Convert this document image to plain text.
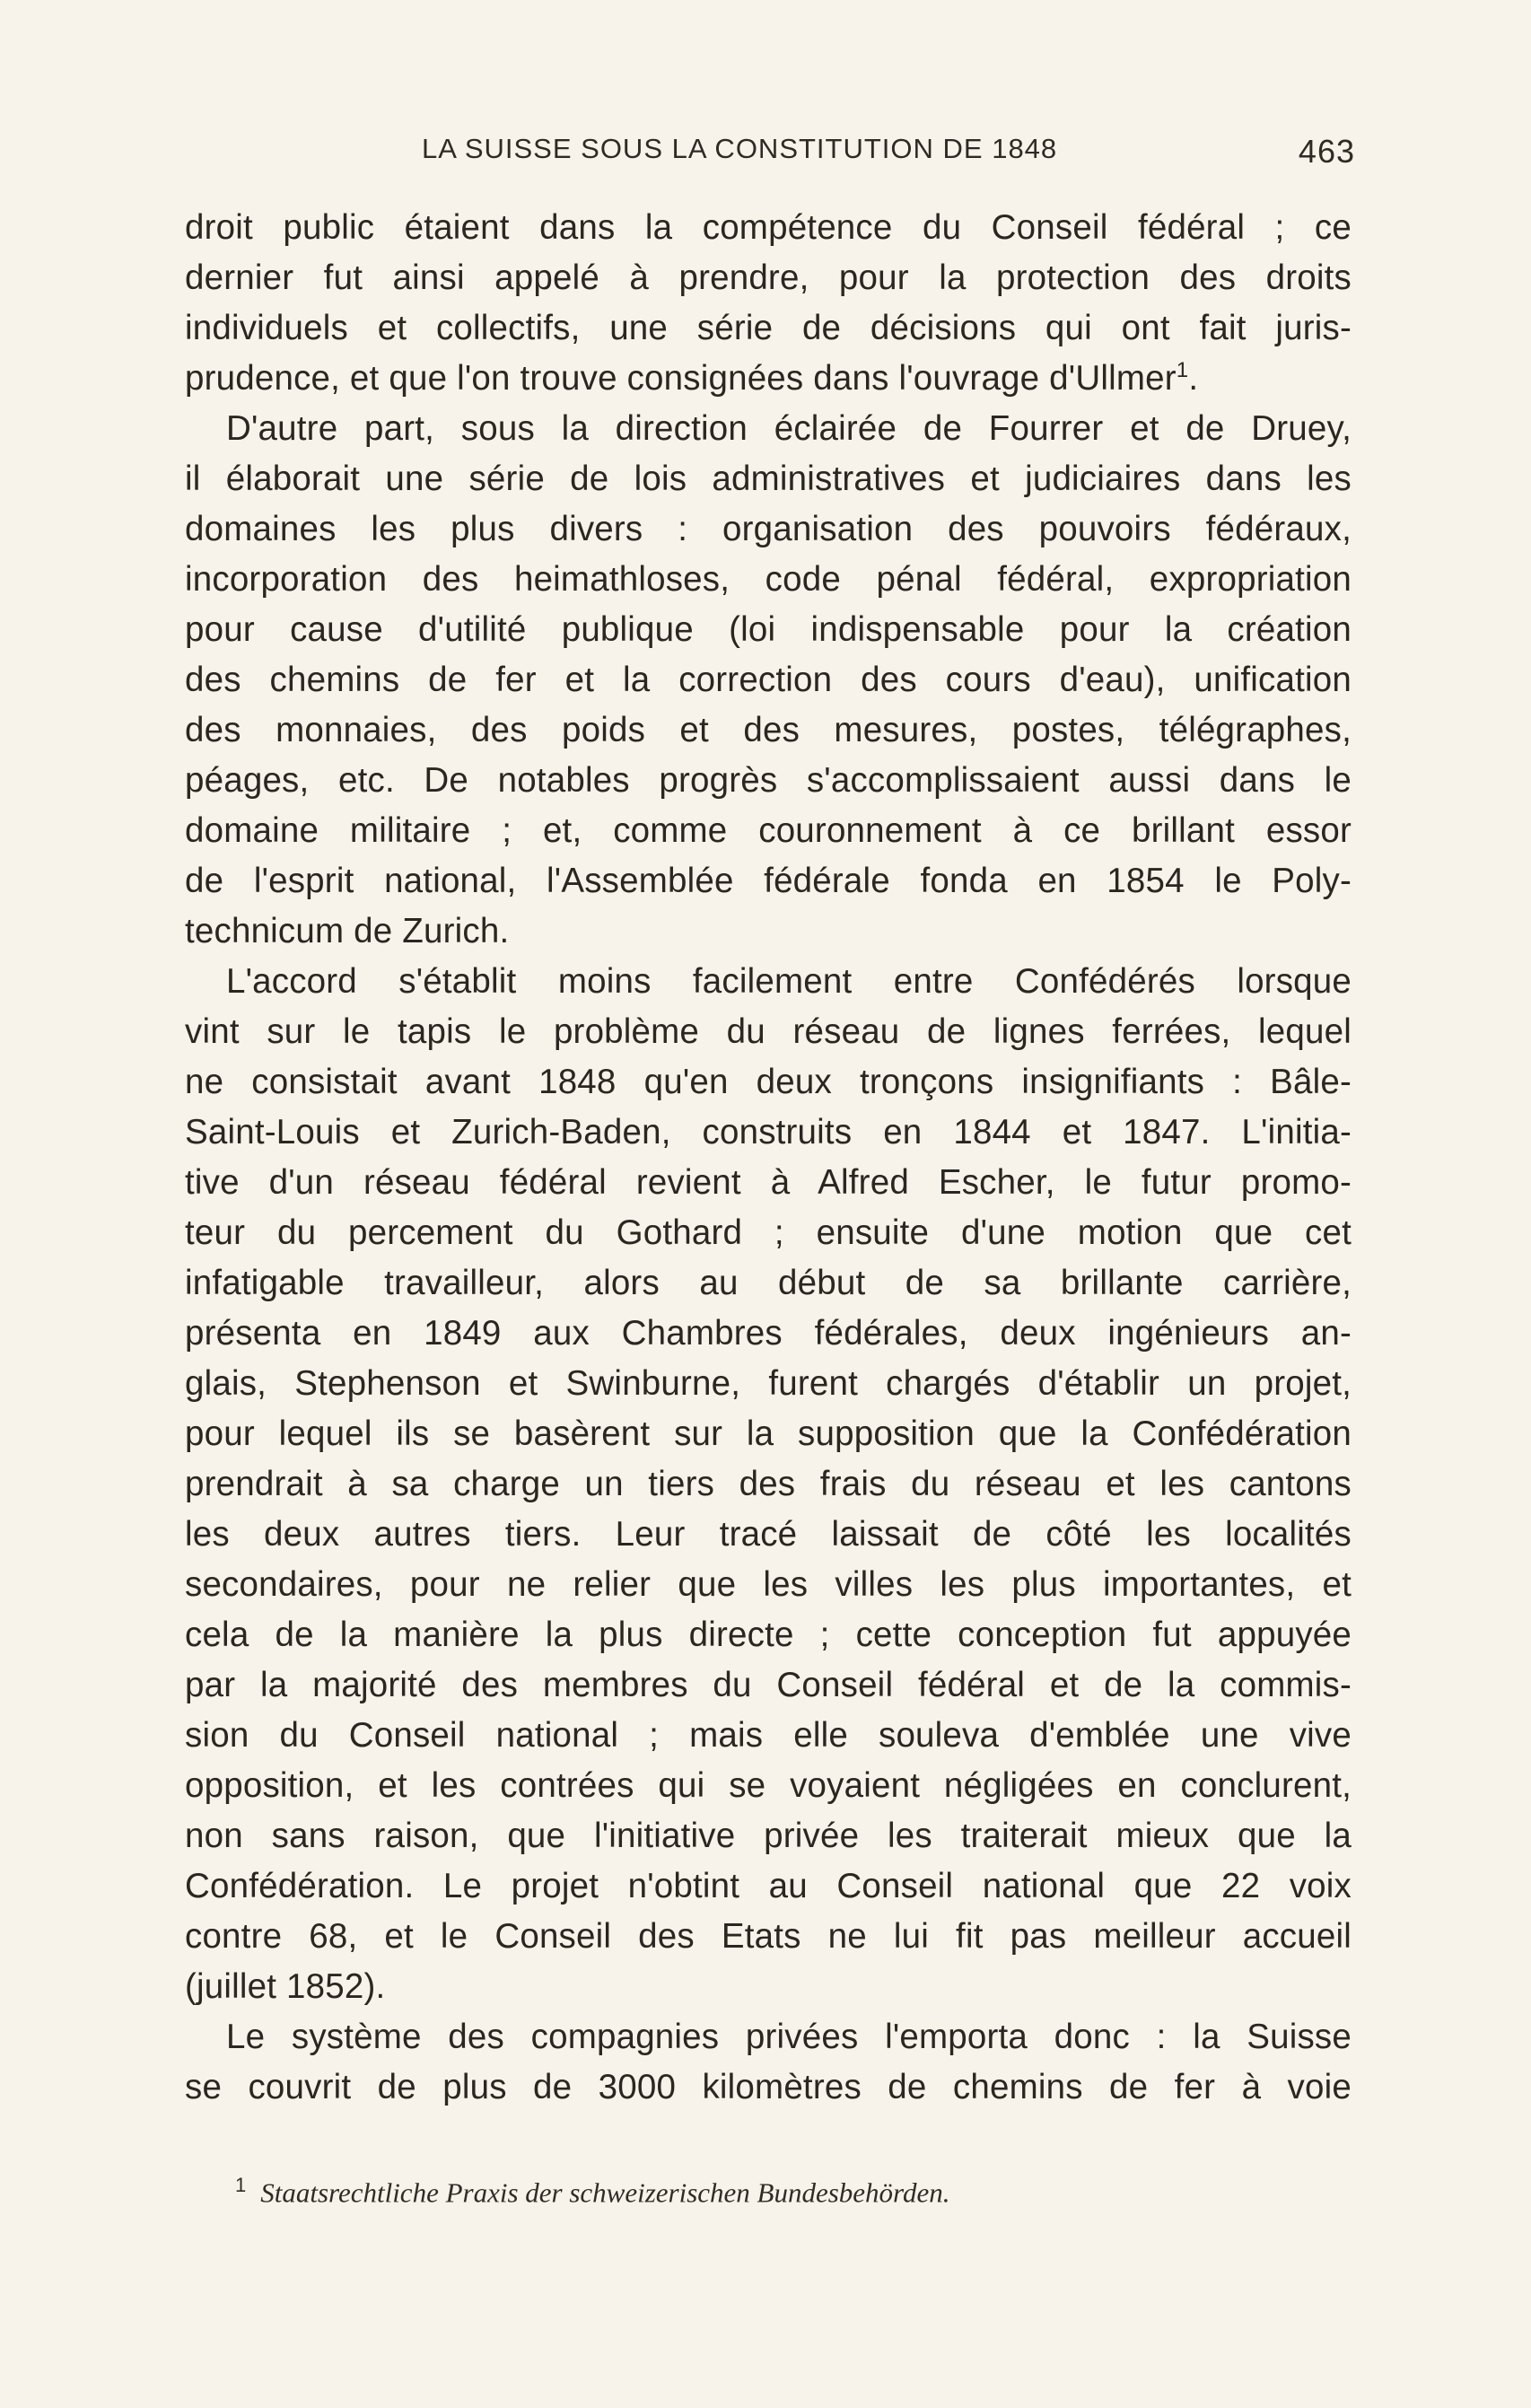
LA SUISSE SOUS LA CONSTITUTION DE 1848	463
droit public étaient dans la compétence du Conseil fédéral ; ce
dernier fut ainsi appelé à prendre, pour la protection des droits
individuels et collectifs, une série de décisions qui ont fait juris-
prudence, et que l'on trouve consignées dans l'ouvrage d'Ullmer$^1$.
D'autre part, sous la direction éclairée de Fourrer et de Druey,
il élaborait une série de lois administratives et judiciaires dans les
domaines les plus divers : organisation des pouvoirs fédéraux,
incorporation des heimathloses, code pénal fédéral, expropriation
pour cause d'utilité publique (loi indispensable pour la création
des chemins de fer et la correction des cours d'eau), unification
des monnaies, des poids et des mesures, postes, télégraphes,
péages, etc. De notables progrès s'accomplissaient aussi dans le
domaine militaire ; et, comme couronnement à ce brillant essor
de l'esprit national, l'Assemblée fédérale fonda en 1854 le Poly-
technicum de Zurich.
L'accord s'établit moins facilement entre Confédérés lorsque
vint sur le tapis le problème du réseau de lignes ferrées, lequel
ne consistait avant 1848 qu'en deux tronçons insignifiants : Bâle-
Saint-Louis et Zurich-Baden, construits en 1844 et 1847. L'initia-
tive d'un réseau fédéral revient à Alfred Escher, le futur promo-
teur du percement du Gothard ; ensuite d'une motion que cet
infatigable travailleur, alors au début de sa brillante carrière,
présenta en 1849 aux Chambres fédérales, deux ingénieurs an-
glais, Stephenson et Swinburne, furent chargés d'établir un projet,
pour lequel ils se basèrent sur la supposition que la Confédération
prendrait à sa charge un tiers des frais du réseau et les cantons
les deux autres tiers. Leur tracé laissait de côté les localités
secondaires, pour ne relier que les villes les plus importantes, et
cela de la manière la plus directe ; cette conception fut appuyée
par la majorité des membres du Conseil fédéral et de la commis-
sion du Conseil national ; mais elle souleva d'emblée une vive
opposition, et les contrées qui se voyaient négligées en conclurent,
non sans raison, que l'initiative privée les traiterait mieux que la
Confédération. Le projet n'obtint au Conseil national que 22 voix
contre 68, et le Conseil des Etats ne lui fit pas meilleur accueil
(juillet 1852).
Le système des compagnies privées l'emporta donc : la Suisse
se couvrit de plus de 3000 kilomètres de chemins de fer à voie
$^1$ Staatsrechtliche Praxis der schweizerischen Bundesbehörden.
